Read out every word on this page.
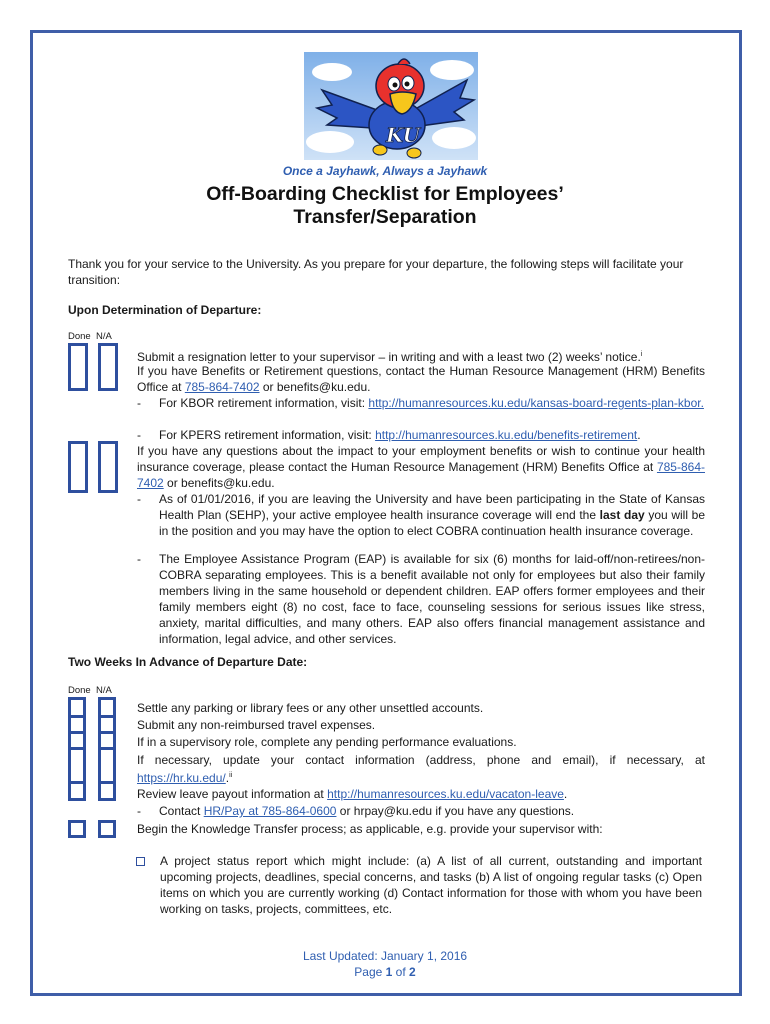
KU
Once a Jayhawk, Always a Jayhawk
Off-Boarding Checklist for Employees’
Transfer/Separation
Thank you for your service to the University. As you prepare for your departure, the following steps will facilitate your transition:
Upon Determination of Departure:
Done N/A
Submit a resignation letter to your supervisor – in writing and with a least two (2) weeks’ notice.$^i$
If you have Benefits or Retirement questions, contact the Human Resource Management (HRM) Benefits Office at 785-864-7402 or benefits@ku.edu.
- For KBOR retirement information, visit: http://humanresources.ku.edu/kansas-board-regents-plan-kbor.
- For KPERS retirement information, visit: http://humanresources.ku.edu/benefits-retirement.
If you have any questions about the impact to your employment benefits or wish to continue your health insurance coverage, please contact the Human Resource Management (HRM) Benefits Office at 785-864-7402 or benefits@ku.edu.
- As of 01/01/2016, if you are leaving the University and have been participating in the State of Kansas Health Plan (SEHP), your active employee health insurance coverage will end the last day you will be in the position and you may have the option to elect COBRA continuation health insurance coverage.
- The Employee Assistance Program (EAP) is available for six (6) months for laid-off/non-retirees/non-COBRA separating employees. This is a benefit available not only for employees but also their family members living in the same household or dependent children. EAP offers former employees and their family members eight (8) no cost, face to face, counseling sessions for serious issues like stress, anxiety, marital difficulties, and many others. EAP also offers financial management assistance and information, legal advice, and other services.
Two Weeks In Advance of Departure Date:
Done N/A
Settle any parking or library fees or any other unsettled accounts.
Submit any non-reimbursed travel expenses.
If in a supervisory role, complete any pending performance evaluations.
If necessary, update your contact information (address, phone and email), if necessary, at https://hr.ku.edu/.$^{ii}$
Review leave payout information at http://humanresources.ku.edu/vacaton-leave.
- Contact HR/Pay at 785-864-0600 or hrpay@ku.edu if you have any questions.
Begin the Knowledge Transfer process; as applicable, e.g. provide your supervisor with:
A project status report which might include: (a) A list of all current, outstanding and important upcoming projects, deadlines, special concerns, and tasks (b) A list of ongoing regular tasks (c) Open items on which you are currently working (d) Contact information for those with whom you have been working on tasks, projects, committees, etc.
Last Updated: January 1, 2016
Page 1 of 2
